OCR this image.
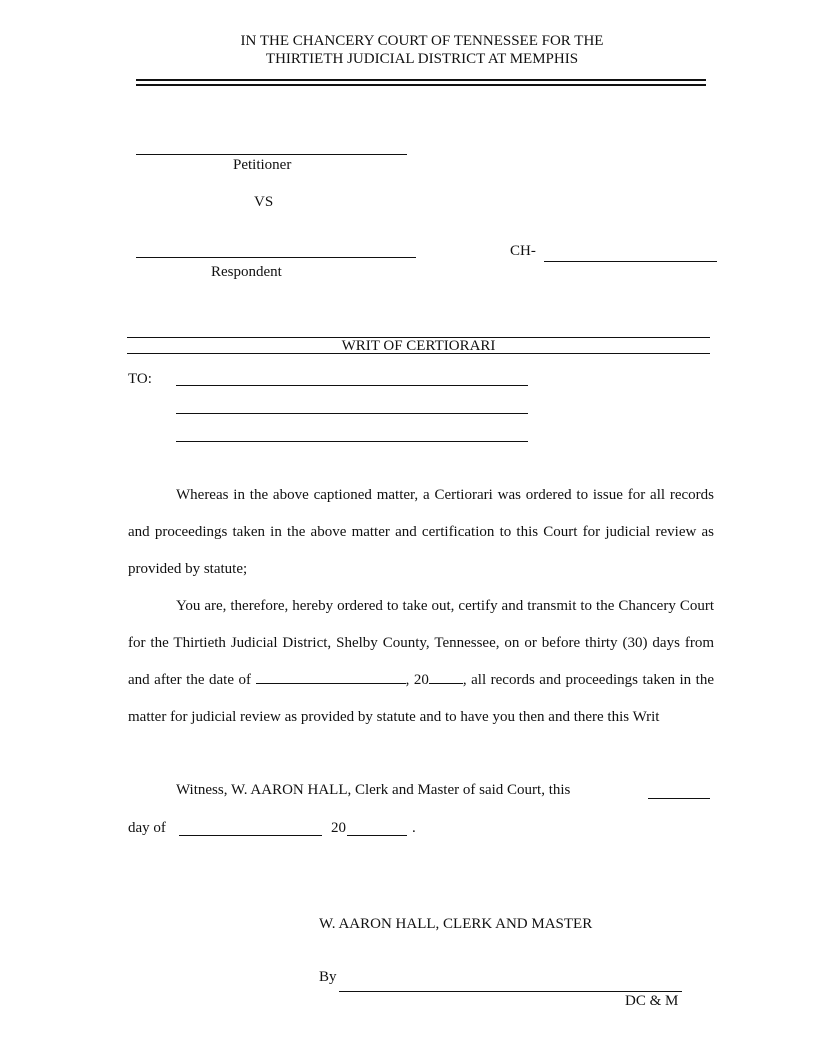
IN THE CHANCERY COURT OF TENNESSEE FOR THE
THIRTIETH JUDICIAL DISTRICT AT MEMPHIS
Petitioner
VS
Respondent
CH-
WRIT OF CERTIORARI
TO:
Whereas in the above captioned matter, a Certiorari was ordered to issue for all records and proceedings taken in the above matter and certification to this Court for judicial review as provided by statute;
You are, therefore, hereby ordered to take out, certify and transmit to the Chancery Court for the Thirtieth Judicial District, Shelby County, Tennessee, on or before thirty (30) days from and after the date of	, 20 , all records and proceedings taken in the matter for judicial review as provided by statute and to have you then and there this Writ
Witness, W. AARON HALL, Clerk and Master of said Court, this
day of	20	.
W. AARON HALL, CLERK AND MASTER
By
DC & M
